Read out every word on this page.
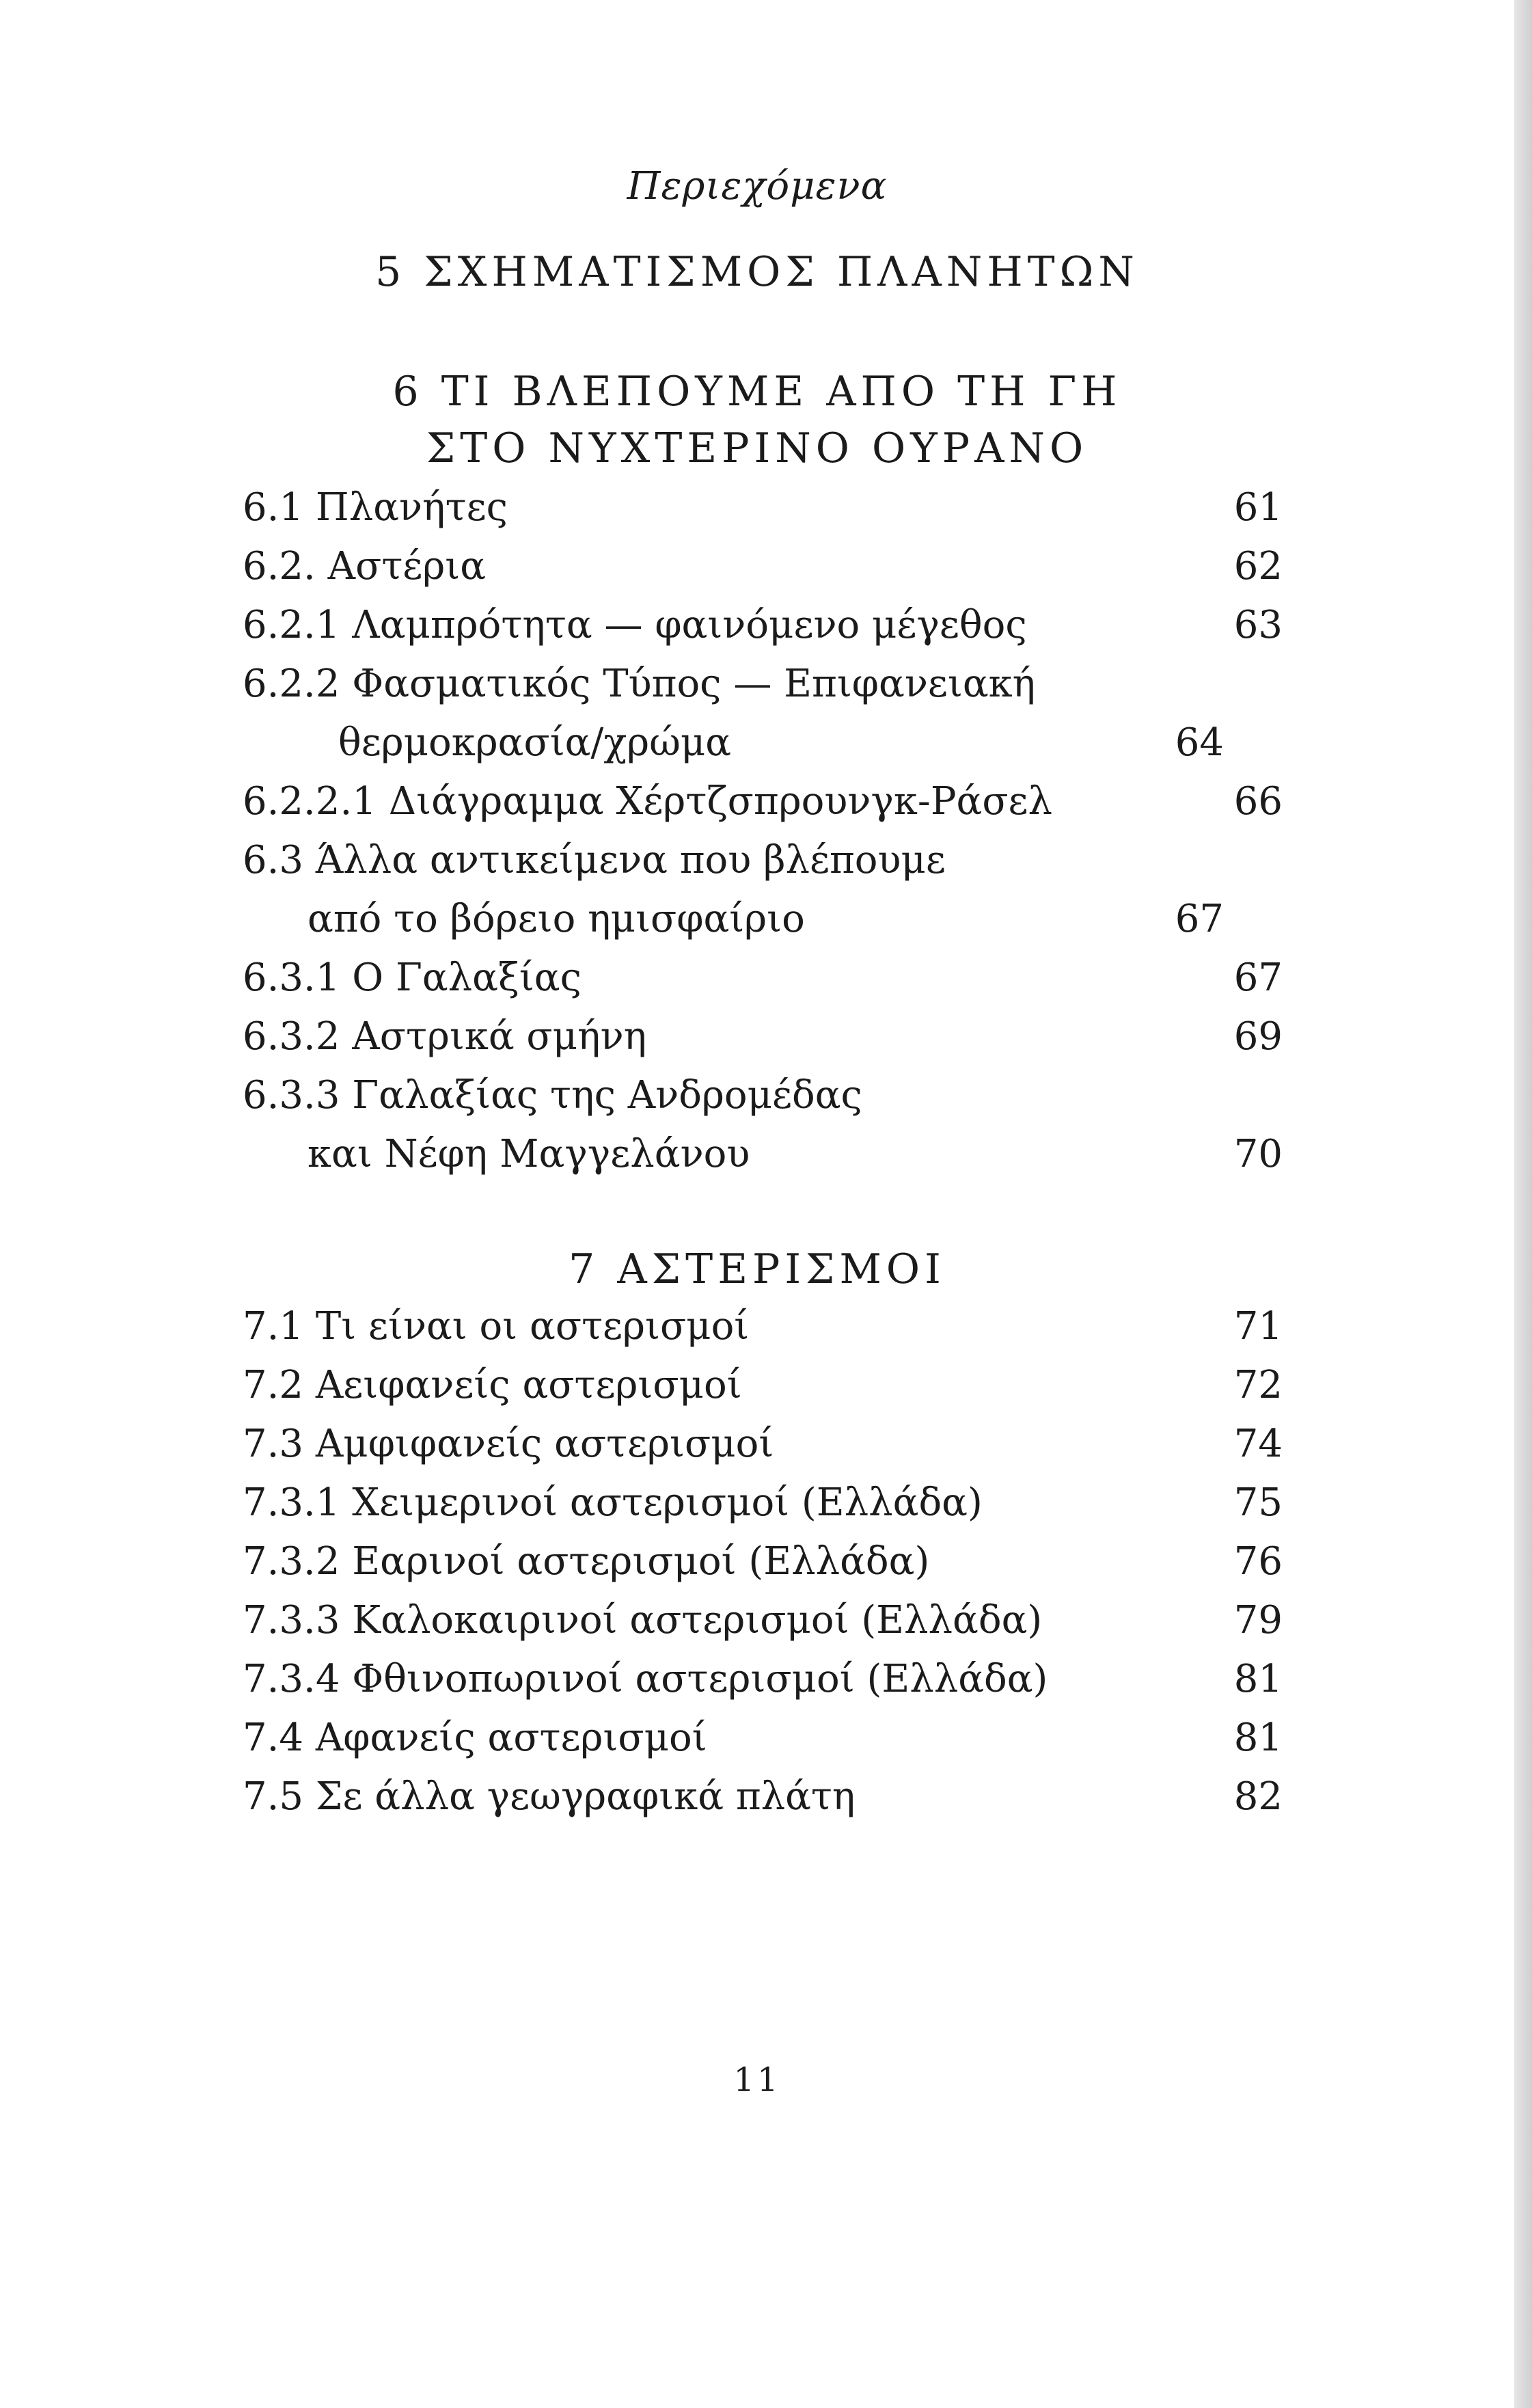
Περιεχόμενα
5 ΣΧΗΜΑΤΙΣΜΟΣ ΠΛΑΝΗΤΩΝ
6 ΤΙ ΒΛΕΠΟΥΜΕ ΑΠΟ ΤΗ ΓΗ
ΣΤΟ ΝΥΧΤΕΡΙΝΟ ΟΥΡΑΝΟ
6.1 Πλανήτες	61
6.2. Αστέρια	62
6.2.1 Λαμπρότητα — φαινόμενο μέγεθος	63
6.2.2 Φασματικός Τύπος — Επιφανειακή
θερμοκρασία/χρώμα	64
6.2.2.1 Διάγραμμα Χέρτζσπρουνγκ-Ράσελ	66
6.3 Άλλα αντικείμενα που βλέπουμε
από το βόρειο ημισφαίριο	67
6.3.1 Ο Γαλαξίας	67
6.3.2 Αστρικά σμήνη	69
6.3.3 Γαλαξίας της Ανδρομέδας
και Νέφη Μαγγελάνου	70
7 ΑΣΤΕΡΙΣΜΟΙ
7.1 Τι είναι οι αστερισμοί	71
7.2 Αειφανείς αστερισμοί	72
7.3 Αμφιφανείς αστερισμοί	74
7.3.1 Χειμερινοί αστερισμοί (Ελλάδα)	75
7.3.2 Εαρινοί αστερισμοί (Ελλάδα)	76
7.3.3 Καλοκαιρινοί αστερισμοί (Ελλάδα)	79
7.3.4 Φθινοπωρινοί αστερισμοί (Ελλάδα)	81
7.4 Αφανείς αστερισμοί	81
7.5 Σε άλλα γεωγραφικά πλάτη	82
11
